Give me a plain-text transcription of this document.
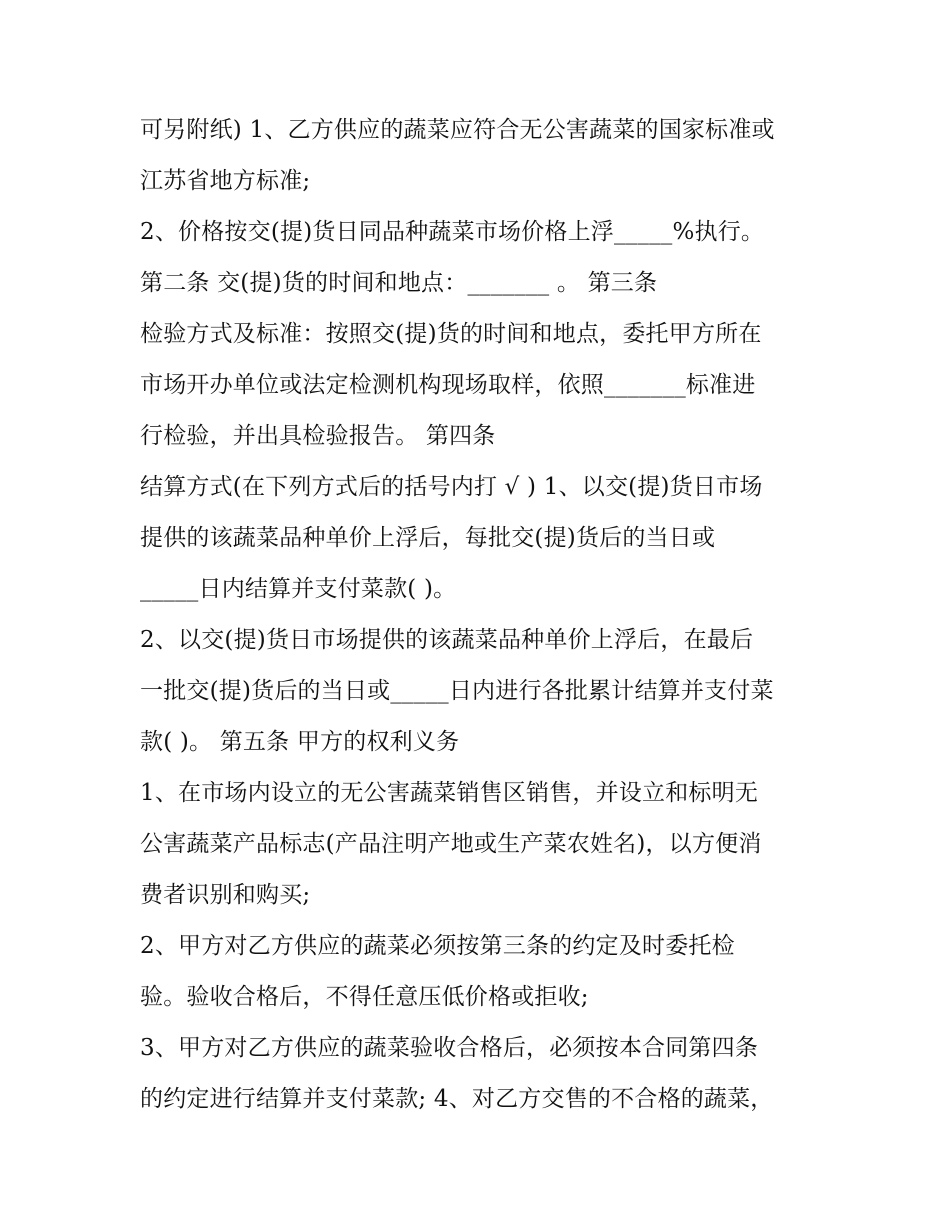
可另附纸) 1、乙方供应的蔬菜应符合无公害蔬菜的国家标准或
江苏省地方标准;
2、价格按交(提)货日同品种蔬菜市场价格上浮_____%执行。
第二条 交(提)货的时间和地点：_______ 。 第三条
检验方式及标准：按照交(提)货的时间和地点，委托甲方所在
市场开办单位或法定检测机构现场取样，依照_______标准进
行检验，并出具检验报告。 第四条
结算方式(在下列方式后的括号内打 √ ) 1、以交(提)货日市场
提供的该蔬菜品种单价上浮后，每批交(提)货后的当日或
_____日内结算并支付菜款( )。
2、以交(提)货日市场提供的该蔬菜品种单价上浮后，在最后
一批交(提)货后的当日或_____日内进行各批累计结算并支付菜
款( )。 第五条 甲方的权利义务
1、在市场内设立的无公害蔬菜销售区销售，并设立和标明无
公害蔬菜产品标志(产品注明产地或生产菜农姓名)，以方便消
费者识别和购买;
2、甲方对乙方供应的蔬菜必须按第三条的约定及时委托检
验。验收合格后，不得任意压低价格或拒收;
3、甲方对乙方供应的蔬菜验收合格后，必须按本合同第四条
的约定进行结算并支付菜款; 4、对乙方交售的不合格的蔬菜，
